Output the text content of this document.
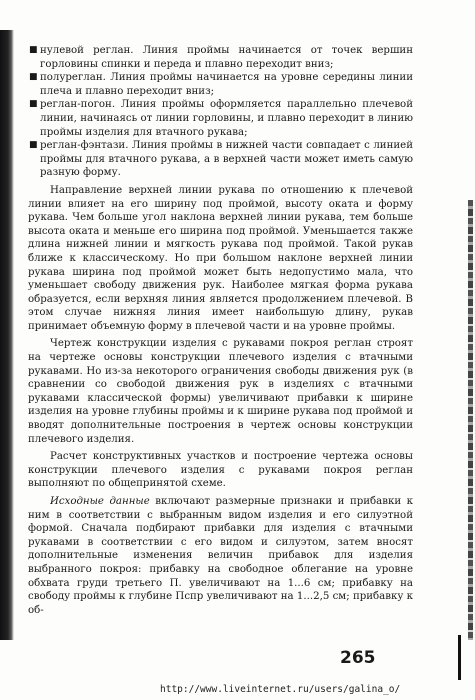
■ нулевой реглан. Линия проймы начинается от точек вершин горловины спинки и переда и плавно переходит вниз;
■ полуреглан. Линия проймы начинается на уровне середины линии плеча и плавно переходит вниз;
■ реглан-погон. Линия проймы оформляется параллельно плечевой линии, начинаясь от линии горловины, и плавно переходит в линию проймы изделия для втачного рукава;
■ реглан-фэнтази. Линия проймы в нижней части совпадает с линией проймы для втачного рукава, а в верхней части может иметь самую разную форму.

Направление верхней линии рукава по отношению к плечевой линии влияет на его ширину под проймой, высоту оката и форму рукава. Чем больше угол наклона верхней линии рукава, тем больше высота оката и меньше его ширина под проймой. Уменьшается также длина нижней линии и мягкость рукава под проймой. Такой рукав ближе к классическому. Но при большом наклоне верхней линии рукава ширина под проймой может быть недопустимо мала, что уменьшает свободу движения рук. Наиболее мягкая форма рукава образуется, если верхняя линия является продолжением плечевой. В этом случае нижняя линия имеет наибольшую длину, рукав принимает объемную форму в плечевой части и на уровне проймы.

Чертеж конструкции изделия с рукавами покроя реглан строят на чертеже основы конструкции плечевого изделия с втачными рукавами. Но из-за некоторого ограничения свободы движения рук (в сравнении со свободой движения рук в изделиях с втачными рукавами классической формы) увеличивают прибавки к ширине изделия на уровне глубины проймы и к ширине рукава под проймой и вводят дополнительные построения в чертеж основы конструкции плечевого изделия.

Расчет конструктивных участков и построение чертежа основы конструкции плечевого изделия с рукавами покроя реглан выполняют по общепринятой схеме.

Исходные данные включают размерные признаки и прибавки к ним в соответствии с выбранным видом изделия и его силуэтной формой. Сначала подбирают прибавки для изделия с втачными рукавами в соответствии с его видом и силуэтом, затем вносят дополнительные изменения величин прибавок для изделия выбранного покроя: прибавку на свободное облегание на уровне обхвата груди третьего П. увеличивают на 1...6 см; прибавку на свободу проймы к глубине Пспр увеличивают на 1...2,5 см; прибавку к об-

265
http://www.liveinternet.ru/users/galina_o/
